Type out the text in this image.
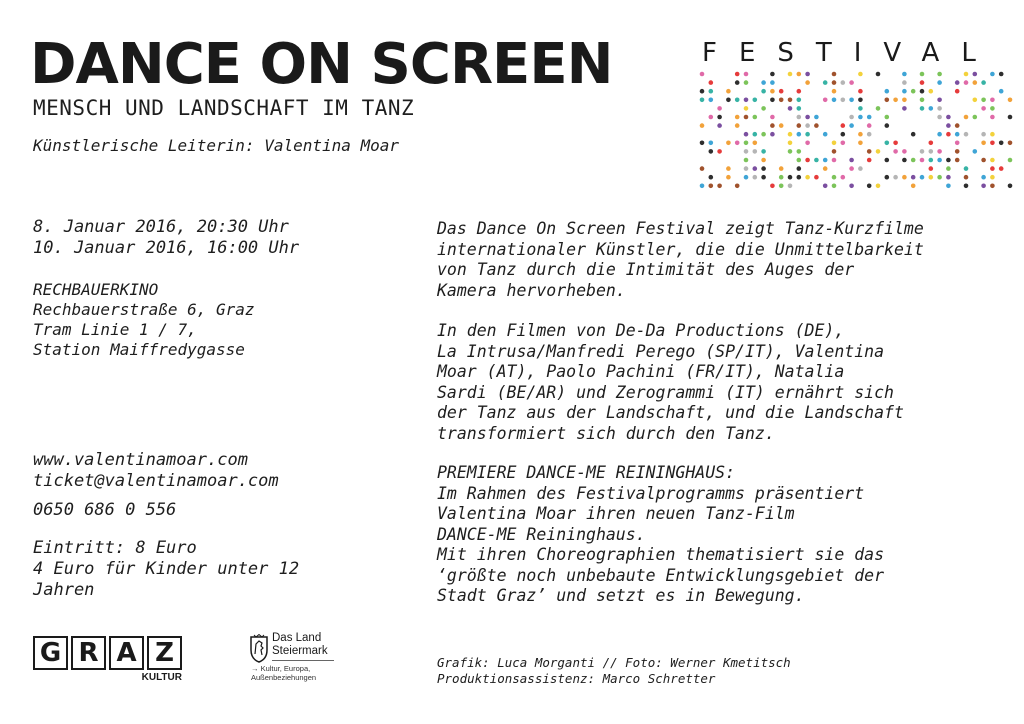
DANCE ON SCREEN	FESTIVAL
MENSCH UND LANDSCHAFT IM TANZ
Künstlerische Leiterin: Valentina Moar
8. Januar 2016, 20:30 Uhr
10. Januar 2016, 16:00 Uhr
RECHBAUERKINO
Rechbauerstraße 6, Graz
Tram Linie 1 / 7,
Station Maiffredygasse
www.valentinamoar.com
ticket@valentinamoar.com
0650 686 0 556
Eintritt: 8 Euro
4 Euro für Kinder unter 12
Jahren
Das Dance On Screen Festival zeigt Tanz-Kurzfilme
internationaler Künstler, die die Unmittelbarkeit
von Tanz durch die Intimität des Auges der
Kamera hervorheben.
In den Filmen von De-Da Productions (DE),
La Intrusa/Manfredi Perego (SP/IT), Valentina
Moar (AT), Paolo Pachini (FR/IT), Natalia
Sardi (BE/AR) und Zerogrammi (IT) ernährt sich
der Tanz aus der Landschaft, und die Landschaft
transformiert sich durch den Tanz.
PREMIERE DANCE-ME REININGHAUS:
Im Rahmen des Festivalprogramms präsentiert
Valentina Moar ihren neuen Tanz-Film
DANCE-ME Reininghaus.
Mit ihren Choreographien thematisiert sie das
‘größte noch unbebaute Entwicklungsgebiet der
Stadt Graz’ und setzt es in Bewegung.
G R A Z
KULTUR
Das Land
Steiermark
→ Kultur, Europa,
Außenbeziehungen
Grafik: Luca Morganti // Foto: Werner Kmetitsch
Produktionsassistenz: Marco Schretter
